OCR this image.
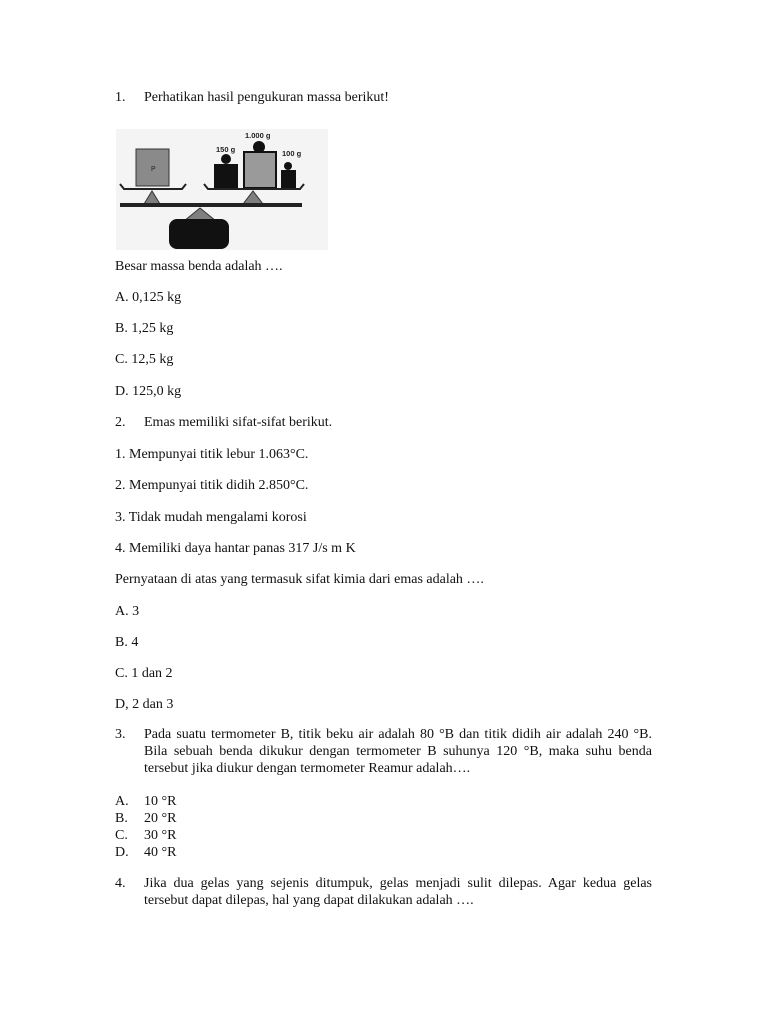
1. Perhatikan hasil pengukuran massa berikut!
P
150 g
1.000 g
100 g
Besar massa benda adalah ….
A. 0,125 kg
B. 1,25 kg
C. 12,5 kg
D. 125,0 kg
2. Emas memiliki sifat-sifat berikut.
1. Mempunyai titik lebur 1.063°C.
2. Mempunyai titik didih 2.850°C.
3. Tidak mudah mengalami korosi
4. Memiliki daya hantar panas 317 J/s m K
Pernyataan di atas yang termasuk sifat kimia dari emas adalah ….
A. 3
B. 4
C. 1 dan 2
D, 2 dan 3
3.	Pada suatu termometer B, titik beku air adalah 80 °B dan titik didih air adalah 240 °B. Bila sebuah benda dikukur dengan termometer B suhunya 120 °B, maka suhu benda tersebut jika diukur dengan termometer Reamur adalah….
A. 10 °R
B. 20 °R
C. 30 °R
D. 40 °R
4.	Jika dua gelas yang sejenis ditumpuk, gelas menjadi sulit dilepas. Agar kedua gelas tersebut dapat dilepas, hal yang dapat dilakukan adalah ….
